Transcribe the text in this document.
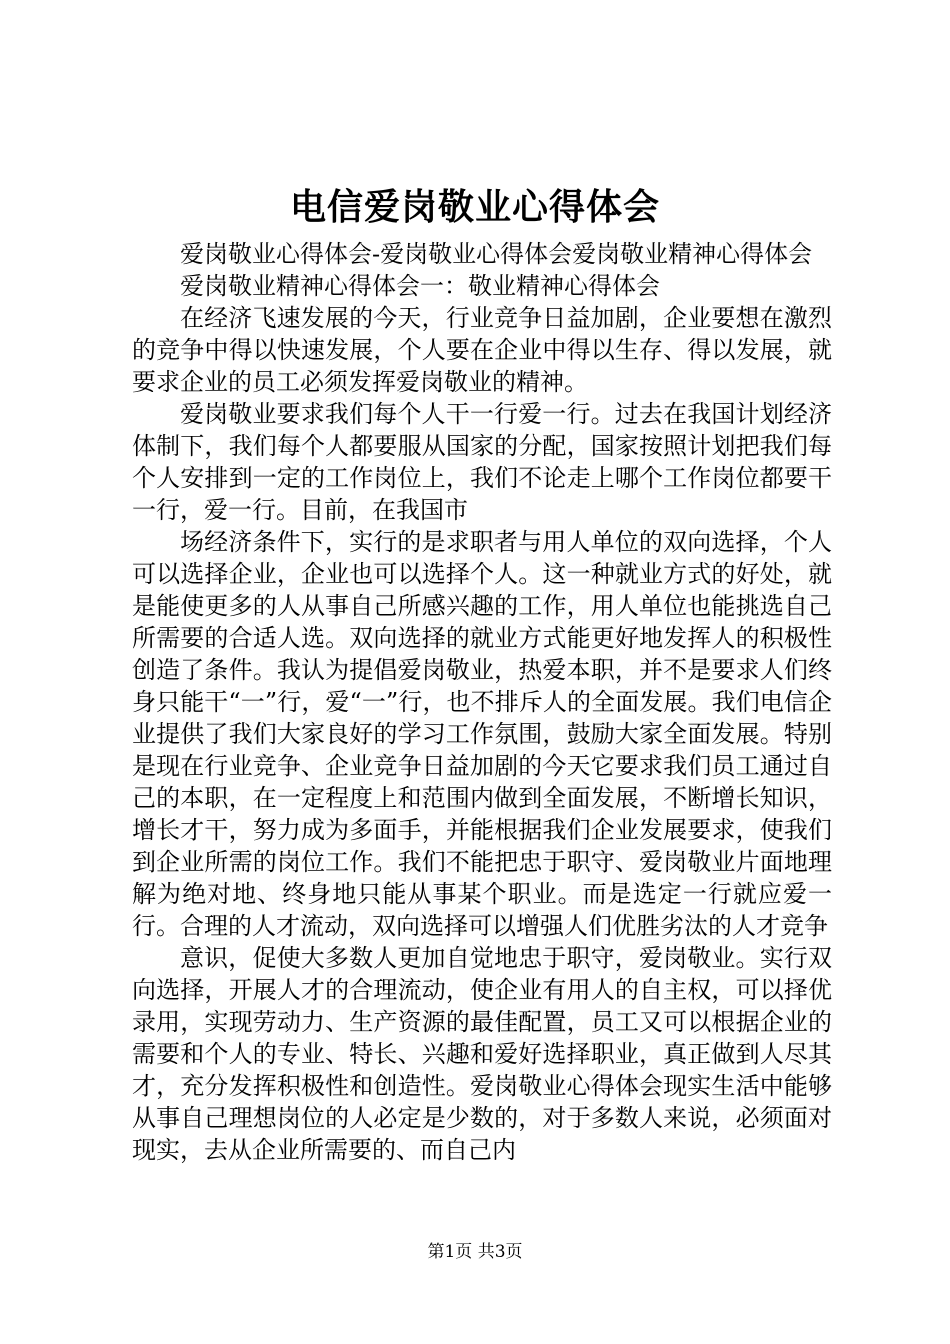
电信爱岗敬业心得体会

爱岗敬业心得体会-爱岗敬业心得体会爱岗敬业精神心得体会

爱岗敬业精神心得体会一：敬业精神心得体会

在经济飞速发展的今天，行业竞争日益加剧，企业要想在激烈的竞争中得以快速发展，个人要在企业中得以生存、得以发展，就要求企业的员工必须发挥爱岗敬业的精神。

爱岗敬业要求我们每个人干一行爱一行。过去在我国计划经济体制下，我们每个人都要服从国家的分配，国家按照计划把我们每个人安排到一定的工作岗位上，我们不论走上哪个工作岗位都要干一行，爱一行。目前，在我国市

场经济条件下，实行的是求职者与用人单位的双向选择，个人可以选择企业，企业也可以选择个人。这一种就业方式的好处，就是能使更多的人从事自己所感兴趣的工作，用人单位也能挑选自己所需要的合适人选。双向选择的就业方式能更好地发挥人的积极性创造了条件。我认为提倡爱岗敬业，热爱本职，并不是要求人们终身只能干“一”行，爱“一”行，也不排斥人的全面发展。我们电信企业提供了我们大家良好的学习工作氛围，鼓励大家全面发展。特别是现在行业竞争、企业竞争日益加剧的今天它要求我们员工通过自己的本职，在一定程度上和范围内做到全面发展，不断增长知识，增长才干，努力成为多面手，并能根据我们企业发展要求，使我们到企业所需的岗位工作。我们不能把忠于职守、爱岗敬业片面地理解为绝对地、终身地只能从事某个职业。而是选定一行就应爱一行。合理的人才流动，双向选择可以增强人们优胜劣汰的人才竞争

意识，促使大多数人更加自觉地忠于职守，爱岗敬业。实行双向选择，开展人才的合理流动，使企业有用人的自主权，可以择优录用，实现劳动力、生产资源的最佳配置，员工又可以根据企业的需要和个人的专业、特长、兴趣和爱好选择职业，真正做到人尽其才，充分发挥积极性和创造性。爱岗敬业心得体会现实生活中能够从事自己理想岗位的人必定是少数的，对于多数人来说，必须面对现实，去从企业所需要的、而自己内

第1页 共3页
